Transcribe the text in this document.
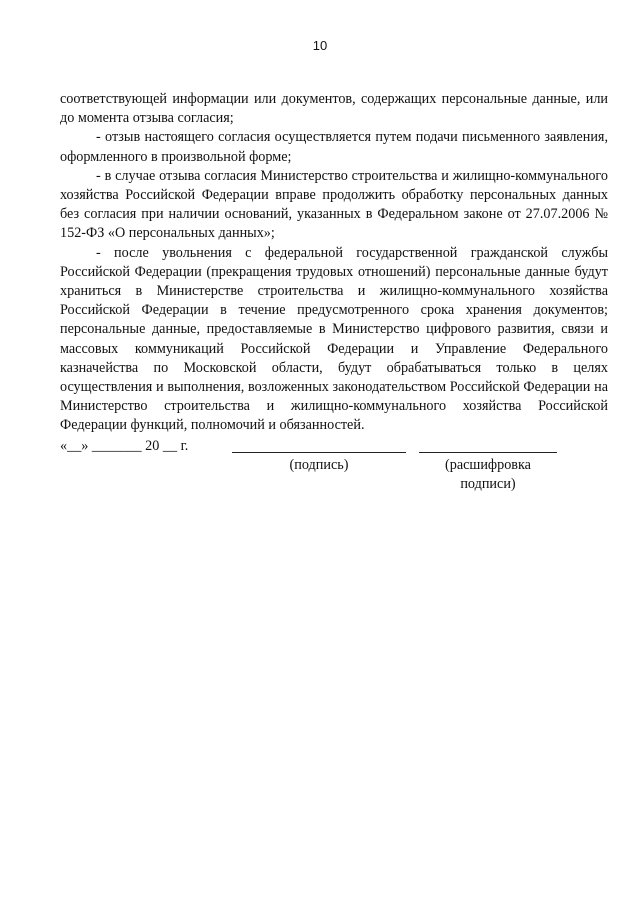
10

соответствующей информации или документов, содержащих персональные данные, или до момента отзыва согласия;

- отзыв настоящего согласия осуществляется путем подачи письменного заявления, оформленного в произвольной форме;

- в случае отзыва согласия Министерство строительства и жилищно-коммунального хозяйства Российской Федерации вправе продолжить обработку персональных данных без согласия при наличии оснований, указанных в Федеральном законе от 27.07.2006 № 152-ФЗ «О персональных данных»;

- после увольнения с федеральной государственной гражданской службы Российской Федерации (прекращения трудовых отношений) персональные данные будут храниться в Министерстве строительства и жилищно-коммунального хозяйства Российской Федерации в течение предусмотренного срока хранения документов; персональные данные, предоставляемые в Министерство цифрового развития, связи и массовых коммуникаций Российской Федерации и Управление Федерального казначейства по Московской области, будут обрабатываться только в целях осуществления и выполнения, возложенных законодательством Российской Федерации на Министерство строительства и жилищно-коммунального хозяйства Российской Федерации функций, полномочий и обязанностей.

«__» _______ 20 __ г.
(подпись)	(расшифровка
подписи)
